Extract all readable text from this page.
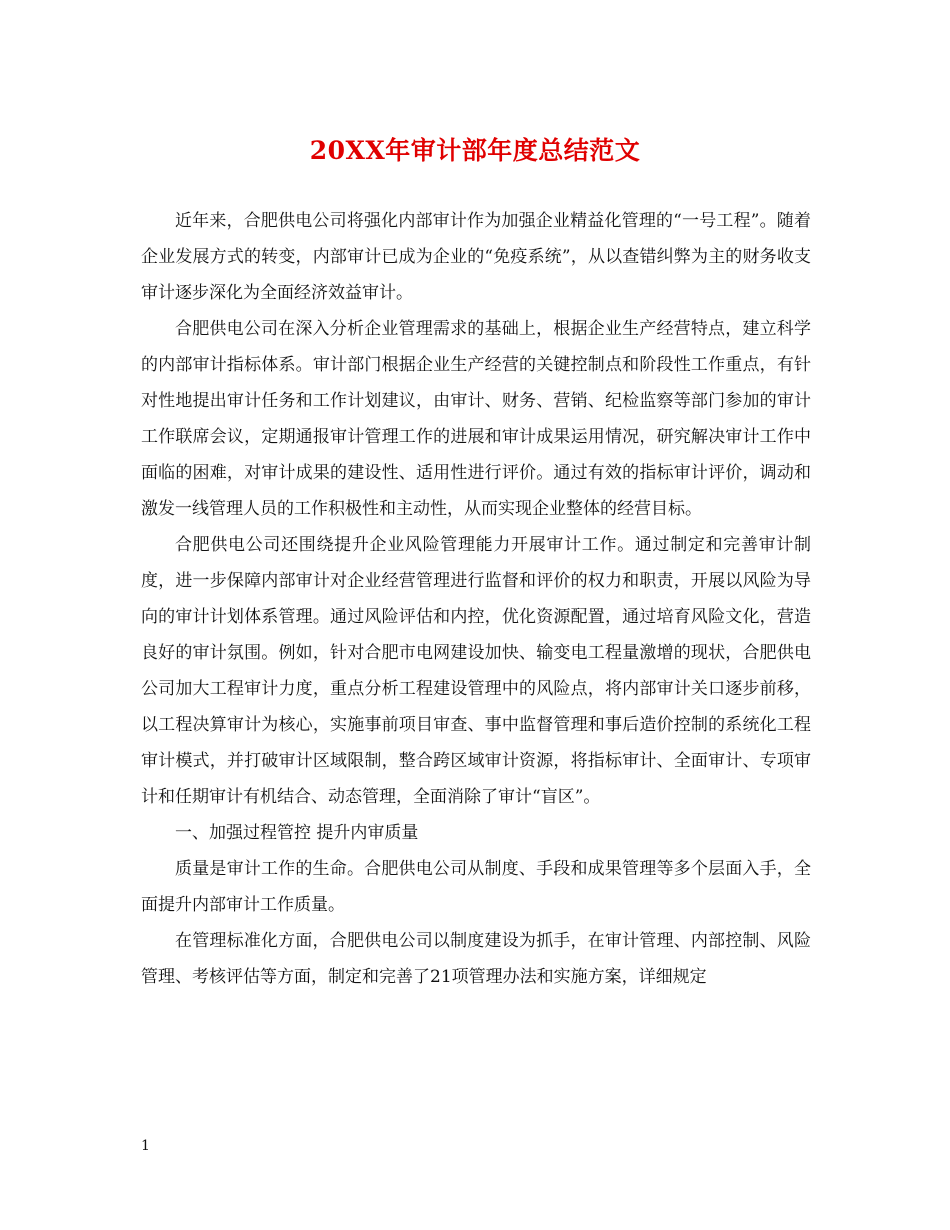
20XX年审计部年度总结范文

近年来，合肥供电公司将强化内部审计作为加强企业精益化管理的“一号工程”。随着企业发展方式的转变，内部审计已成为企业的“免疫系统”，从以查错纠弊为主的财务收支审计逐步深化为全面经济效益审计。

合肥供电公司在深入分析企业管理需求的基础上，根据企业生产经营特点，建立科学的内部审计指标体系。审计部门根据企业生产经营的关键控制点和阶段性工作重点，有针对性地提出审计任务和工作计划建议，由审计、财务、营销、纪检监察等部门参加的审计工作联席会议，定期通报审计管理工作的进展和审计成果运用情况，研究解决审计工作中面临的困难，对审计成果的建设性、适用性进行评价。通过有效的指标审计评价，调动和激发一线管理人员的工作积极性和主动性，从而实现企业整体的经营目标。

合肥供电公司还围绕提升企业风险管理能力开展审计工作。通过制定和完善审计制度，进一步保障内部审计对企业经营管理进行监督和评价的权力和职责，开展以风险为导向的审计计划体系管理。通过风险评估和内控，优化资源配置，通过培育风险文化，营造良好的审计氛围。例如，针对合肥市电网建设加快、输变电工程量激增的现状，合肥供电公司加大工程审计力度，重点分析工程建设管理中的风险点，将内部审计关口逐步前移，以工程决算审计为核心，实施事前项目审查、事中监督管理和事后造价控制的系统化工程审计模式，并打破审计区域限制，整合跨区域审计资源，将指标审计、全面审计、专项审计和任期审计有机结合、动态管理，全面消除了审计“盲区”。

一、加强过程管控 提升内审质量

质量是审计工作的生命。合肥供电公司从制度、手段和成果管理等多个层面入手，全面提升内部审计工作质量。

在管理标准化方面，合肥供电公司以制度建设为抓手，在审计管理、内部控制、风险管理、考核评估等方面，制定和完善了21项管理办法和实施方案，详细规定

1
